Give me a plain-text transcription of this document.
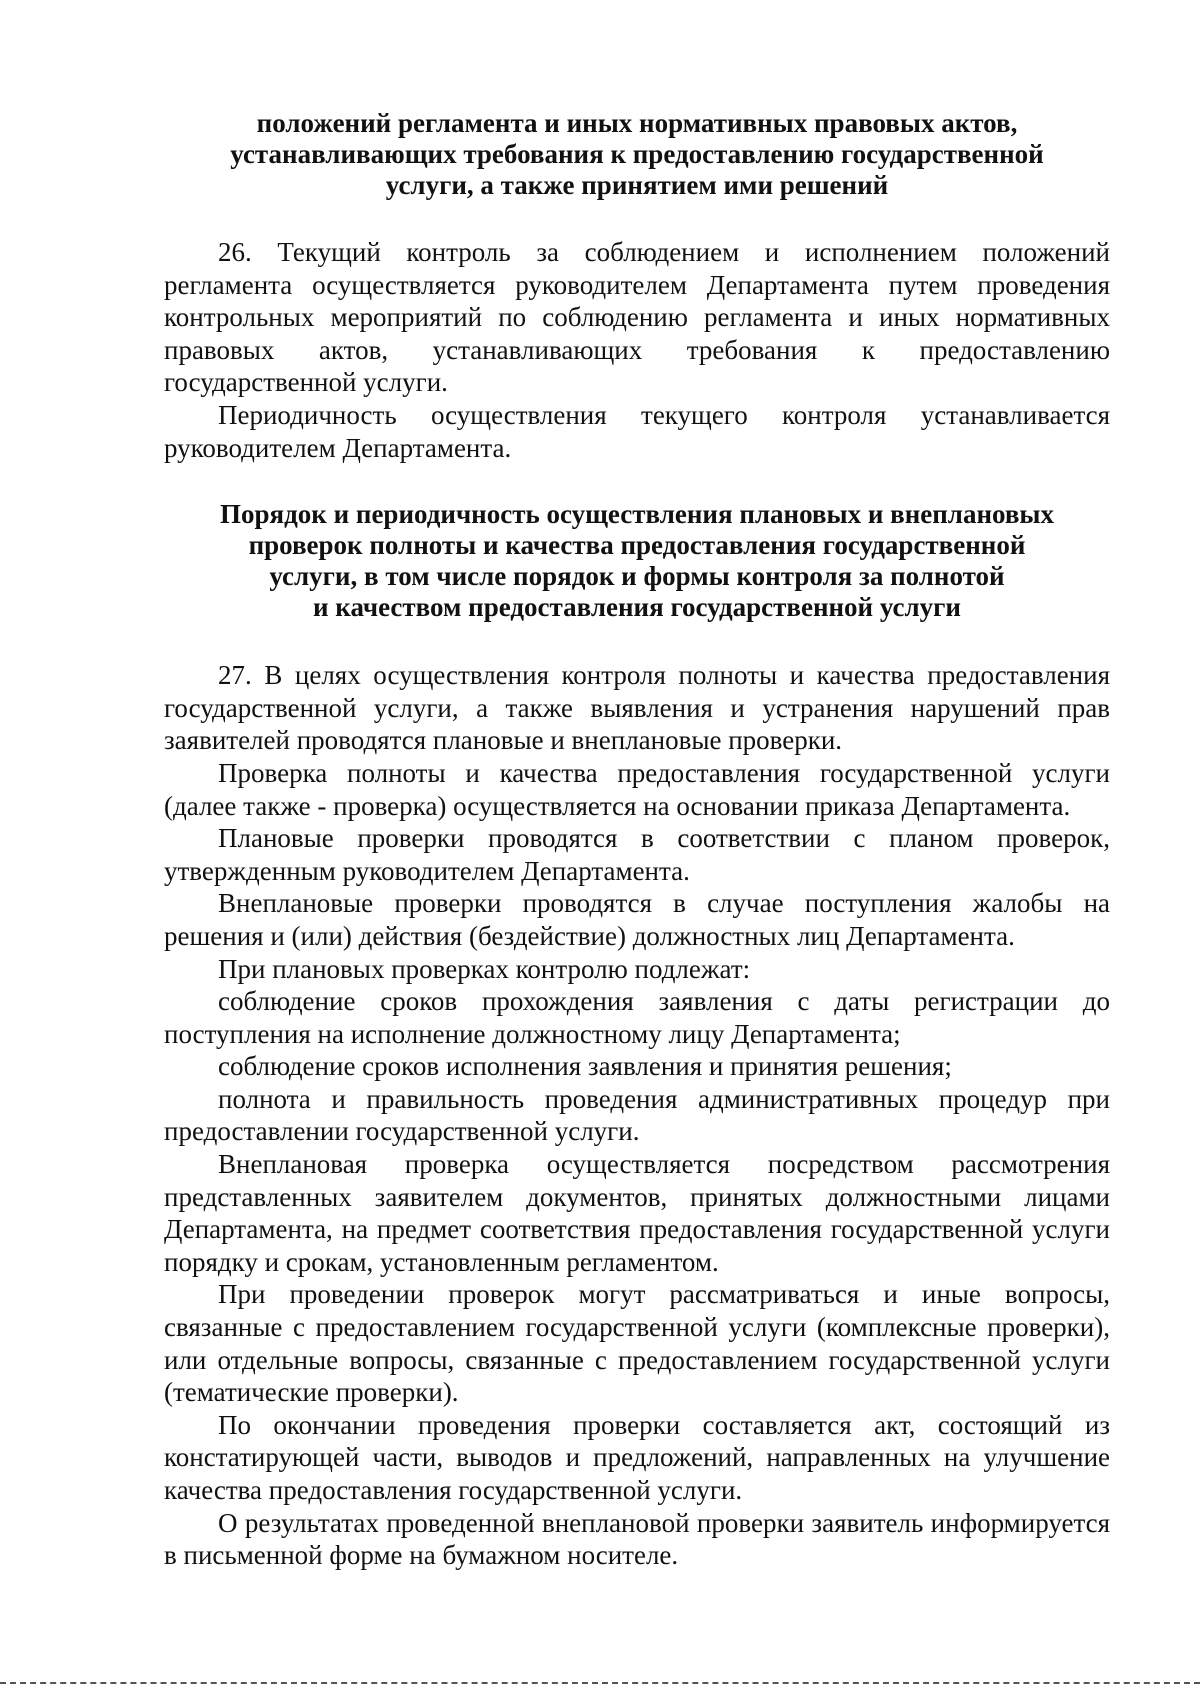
положений регламента и иных нормативных правовых актов,
устанавливающих требования к предоставлению государственной
услуги, а также принятием ими решений

26. Текущий контроль за соблюдением и исполнением положений регламента осуществляется руководителем Департамента путем проведения контрольных мероприятий по соблюдению регламента и иных нормативных правовых актов, устанавливающих требования к предоставлению государственной услуги.

Периодичность осуществления текущего контроля устанавливается руководителем Департамента.

Порядок и периодичность осуществления плановых и внеплановых
проверок полноты и качества предоставления государственной
услуги, в том числе порядок и формы контроля за полнотой
и качеством предоставления государственной услуги

27. В целях осуществления контроля полноты и качества предоставления государственной услуги, а также выявления и устранения нарушений прав заявителей проводятся плановые и внеплановые проверки.

Проверка полноты и качества предоставления государственной услуги (далее также - проверка) осуществляется на основании приказа Департамента.

Плановые проверки проводятся в соответствии с планом проверок, утвержденным руководителем Департамента.

Внеплановые проверки проводятся в случае поступления жалобы на решения и (или) действия (бездействие) должностных лиц Департамента.

При плановых проверках контролю подлежат:

соблюдение сроков прохождения заявления с даты регистрации до поступления на исполнение должностному лицу Департамента;

соблюдение сроков исполнения заявления и принятия решения;

полнота и правильность проведения административных процедур при предоставлении государственной услуги.

Внеплановая проверка осуществляется посредством рассмотрения представленных заявителем документов, принятых должностными лицами Департамента, на предмет соответствия предоставления государственной услуги порядку и срокам, установленным регламентом.

При проведении проверок могут рассматриваться и иные вопросы, связанные с предоставлением государственной услуги (комплексные проверки), или отдельные вопросы, связанные с предоставлением государственной услуги (тематические проверки).

По окончании проведения проверки составляется акт, состоящий из констатирующей части, выводов и предложений, направленных на улучшение качества предоставления государственной услуги.

О результатах проведенной внеплановой проверки заявитель информируется в письменной форме на бумажном носителе.
